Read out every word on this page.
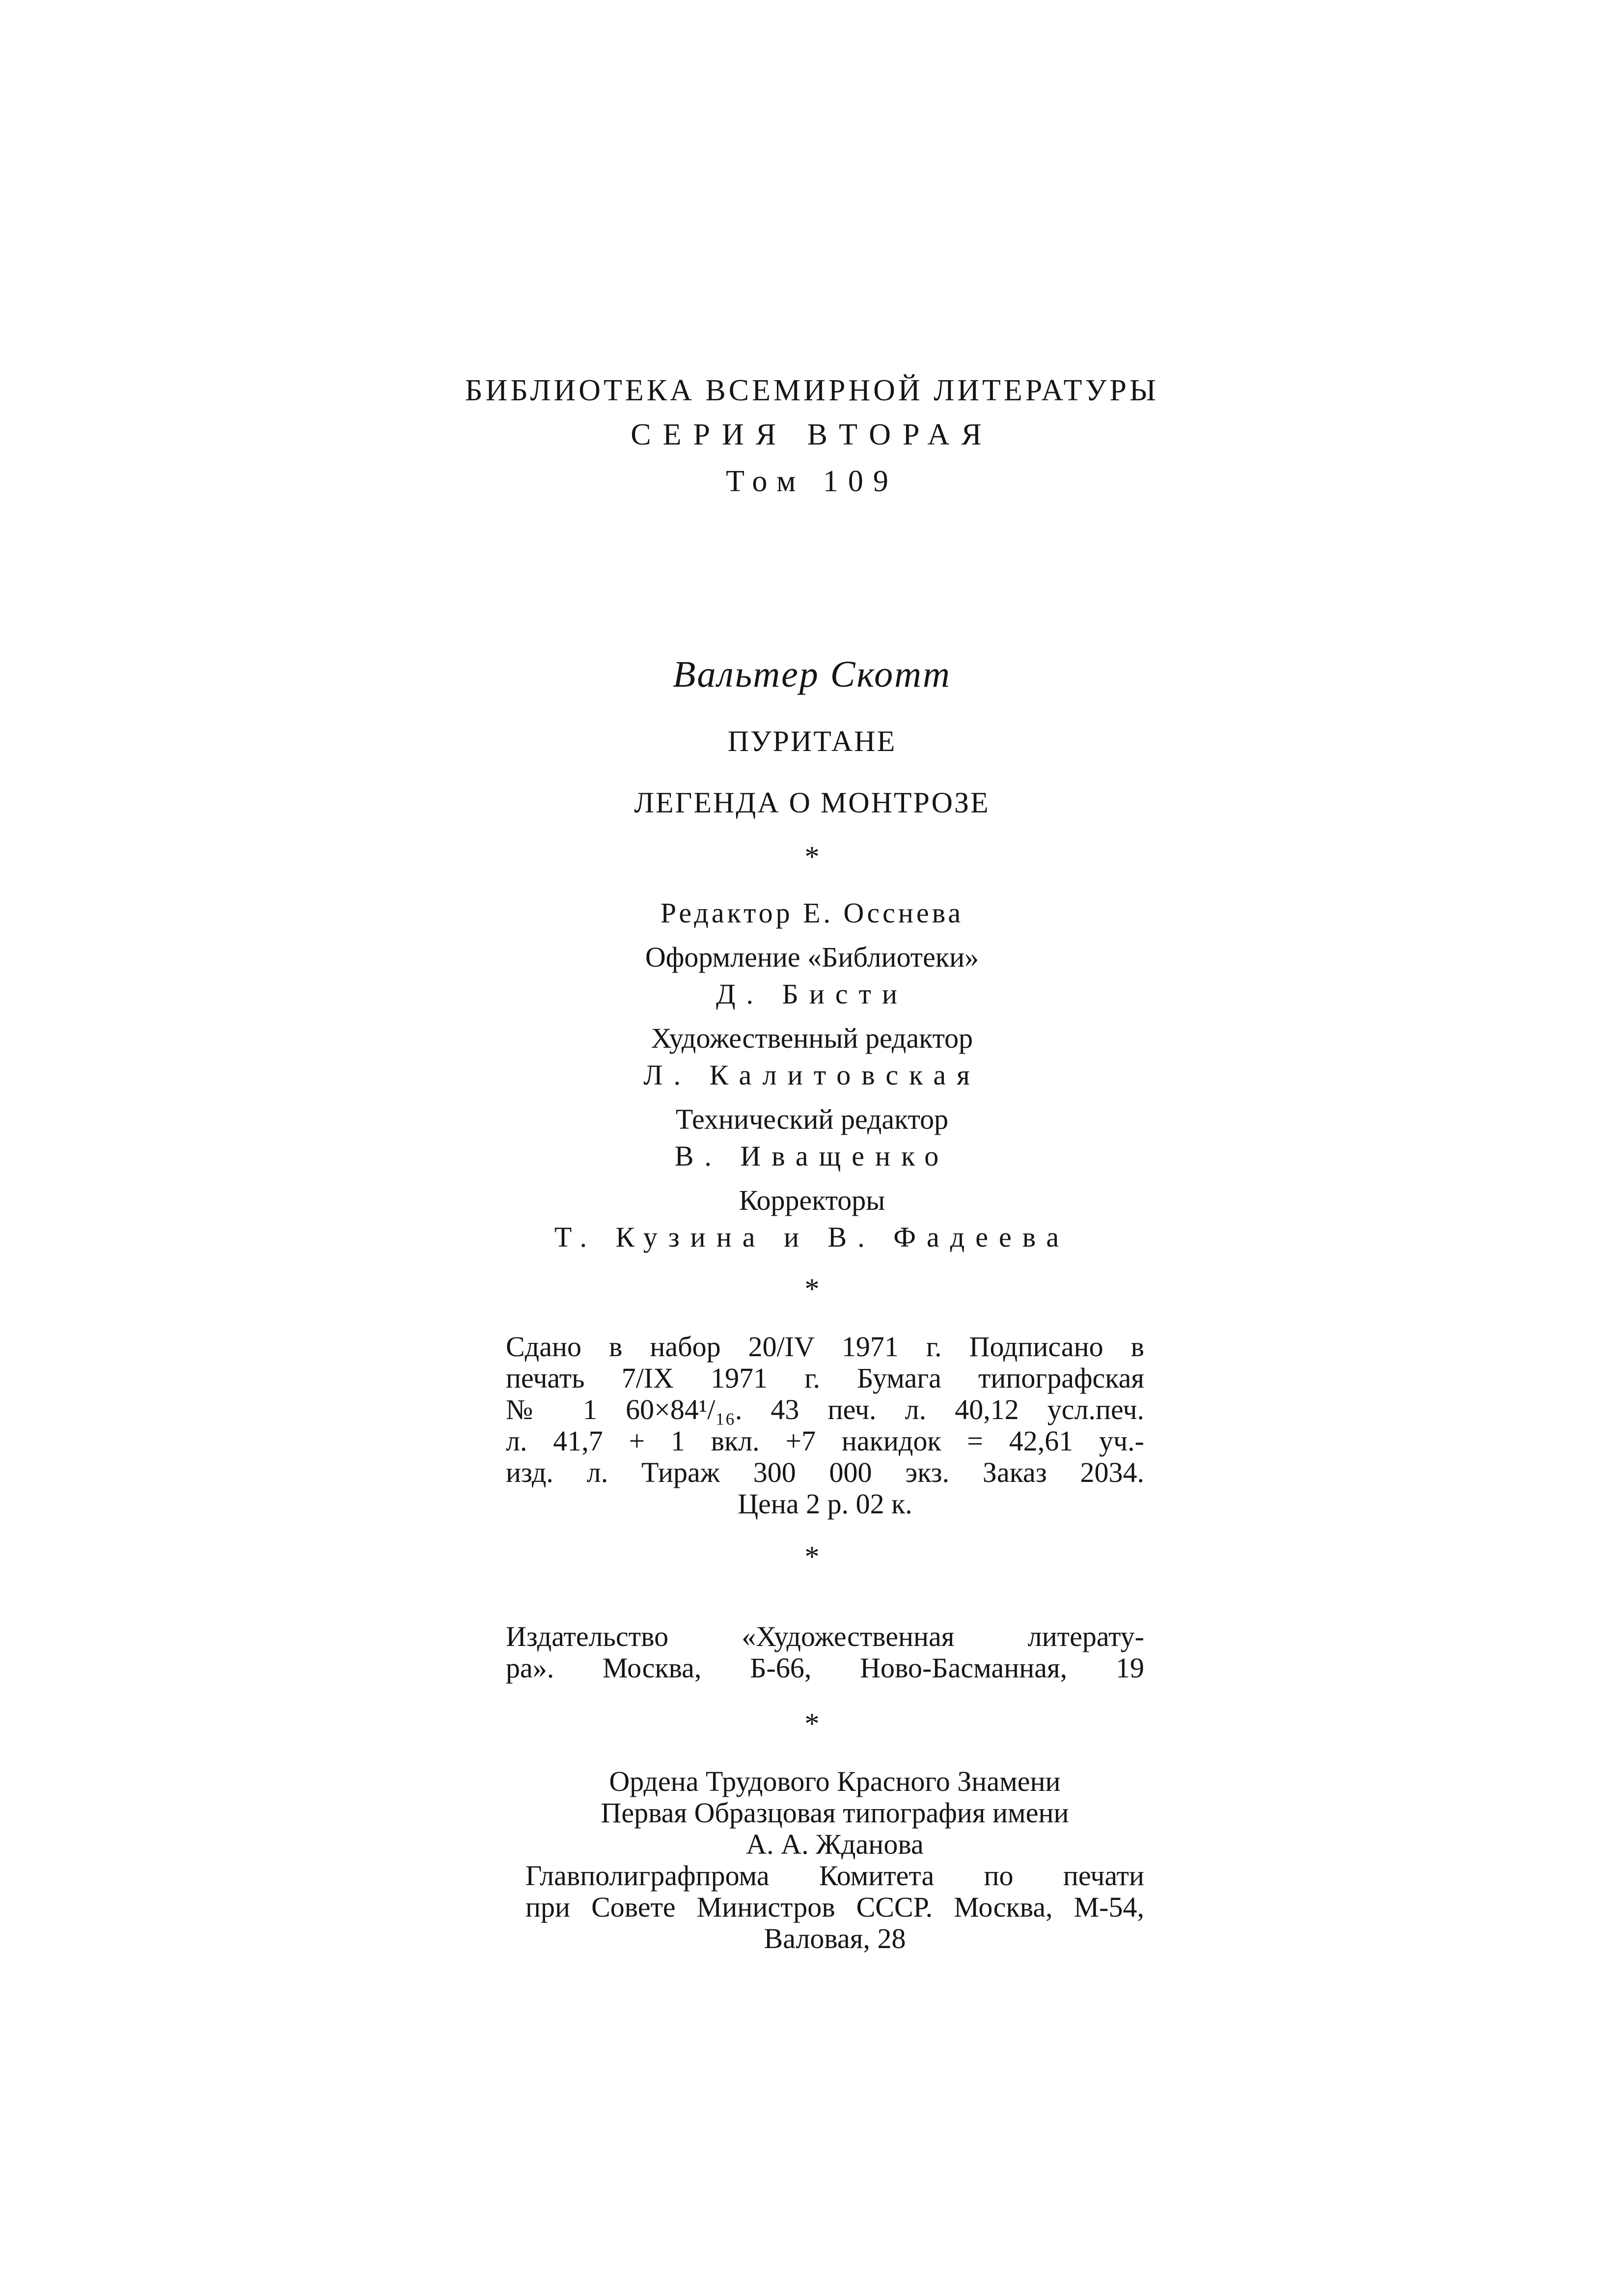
БИБЛИОТЕКА ВСЕМИРНОЙ ЛИТЕРАТУРЫ
СЕРИЯ ВТОРАЯ
Том 109
Вальтер Скотт
ПУРИТАНЕ
ЛЕГЕНДА О МОНТРОЗЕ
*
Редактор Е. Осснева
Оформление «Библиотеки»
Д. Бисти
Художественный редактор
Л. Калитовская
Технический редактор
В. Иващенко
Корректоры
Т. Кузина и В. Фадеева
*
Сдано в набор 20/IV 1971 г. Подписано в
печать 7/IX 1971 г. Бумага типографская
№ 1 60×84¹/₁₆. 43 печ. л. 40,12 усл.печ.
л. 41,7 + 1 вкл. +7 накидок = 42,61 уч.-
изд. л. Тираж 300 000 экз. Заказ 2034.
Цена 2 р. 02 к.
*
Издательство «Художественная литерату-
ра». Москва, Б-66, Ново-Басманная, 19
*
Ордена Трудового Красного Знамени
Первая Образцовая типография имени
А. А. Жданова
Главполиграфпрома Комитета по печати
при Совете Министров СССР. Москва, М-54,
Валовая, 28
